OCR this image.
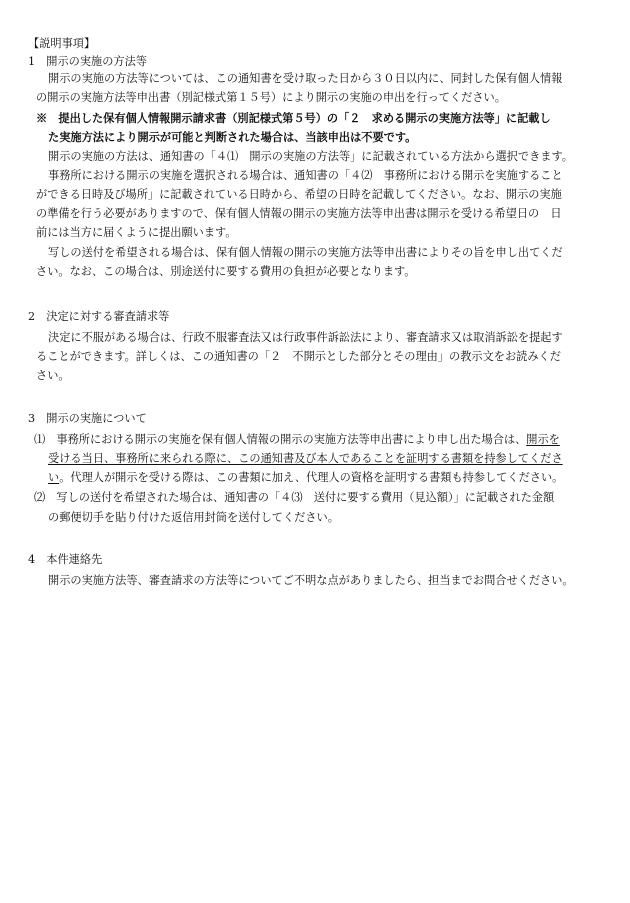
【説明事項】
1　開示の実施の方法等
開示の実施の方法等については、この通知書を受け取った日から３０日以内に、同封した保有個人情報
の開示の実施方法等申出書（別記様式第１５号）により開示の実施の申出を行ってください。
※　提出した保有個人情報開示請求書（別記様式第５号）の「２　求める開示の実施方法等」に記載し
た実施方法により開示が可能と判断された場合は、当該申出は不要です。
開示の実施の方法は、通知書の「４⑴　開示の実施の方法等」に記載されている方法から選択できます。
事務所における開示の実施を選択される場合は、通知書の「４⑵　事務所における開示を実施すること
ができる日時及び場所」に記載されている日時から、希望の日時を記載してください。なお、開示の実施
の準備を行う必要がありますので、保有個人情報の開示の実施方法等申出書は開示を受ける希望日の　日
前には当方に届くように提出願います。
写しの送付を希望される場合は、保有個人情報の開示の実施方法等申出書によりその旨を申し出てくだ
さい。なお、この場合は、別途送付に要する費用の負担が必要となります。
2　決定に対する審査請求等
決定に不服がある場合は、行政不服審査法又は行政事件訴訟法により、審査請求又は取消訴訟を提起す
ることができます。詳しくは、この通知書の「２　不開示とした部分とその理由」の教示文をお読みくだ
さい。
3　開示の実施について
⑴　事務所における開示の実施を保有個人情報の開示の実施方法等申出書により申し出た場合は、開示を
受ける当日、事務所に来られる際に、この通知書及び本人であることを証明する書類を持参してくださ
い。代理人が開示を受ける際は、この書類に加え、代理人の資格を証明する書類も持参してください。
⑵　写しの送付を希望された場合は、通知書の「４⑶　送付に要する費用（見込額）」に記載された金額
の郵便切手を貼り付けた返信用封筒を送付してください。
4　本件連絡先
開示の実施方法等、審査請求の方法等についてご不明な点がありましたら、担当までお問合せください。
